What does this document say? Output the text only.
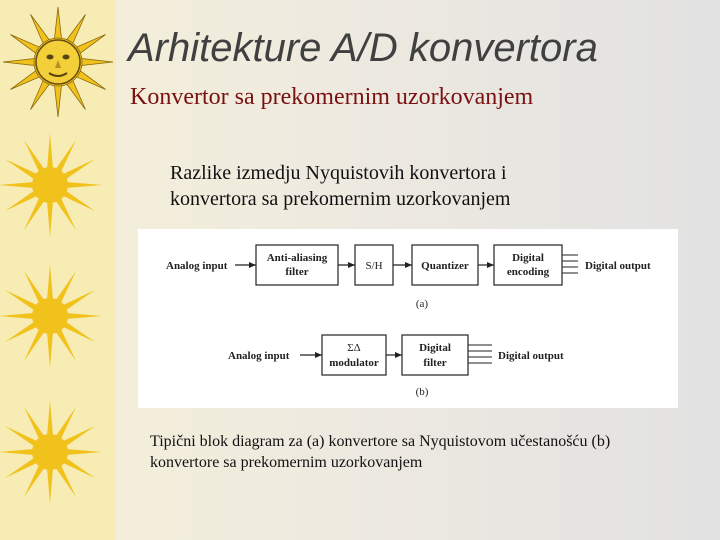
Arhitekture A/D konvertora
Konvertor sa prekomernim uzorkovanjem
Razlike izmedju Nyquistovih konvertora i
konvertora sa prekomernim uzorkovanjem
Analog input
Anti-aliasing
filter	S/H	Quantizer
Digital
encoding	Digital output
(a)
Analog input
ΣΔ
modulator
Digital
filter
Digital output
(b)
Tipični blok diagram za (a) konvertore sa Nyquistovom učestanošću (b)
konvertore sa prekomernim uzorkovanjem
